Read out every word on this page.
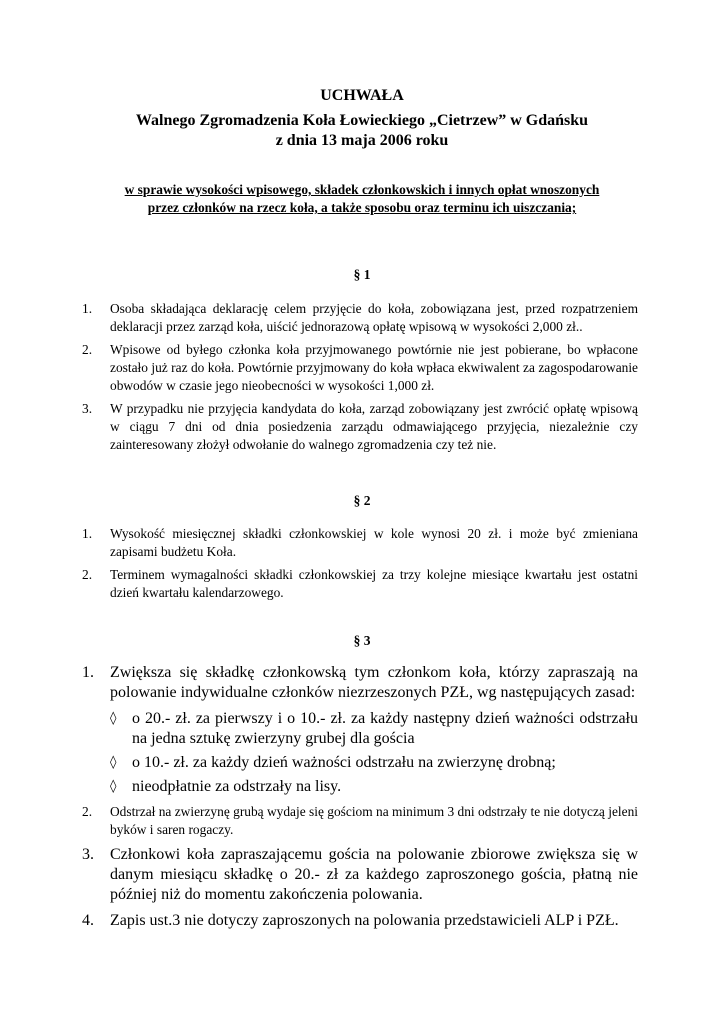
UCHWAŁA
Walnego Zgromadzenia Koła Łowieckiego „Cietrzew” w Gdańsku
z dnia 13 maja 2006 roku
w sprawie wysokości wpisowego, składek członkowskich i innych opłat wnoszonych
przez członków na rzecz koła, a także sposobu oraz terminu ich uiszczania;
§ 1
1. Osoba składająca deklarację celem przyjęcie do koła, zobowiązana jest, przed rozpatrzeniem deklaracji przez zarząd koła, uiścić jednorazową opłatę wpisową w wysokości 2,000 zł..
2. Wpisowe od byłego członka koła przyjmowanego powtórnie nie jest pobierane, bo wpłacone zostało już raz do koła. Powtórnie przyjmowany do koła wpłaca ekwiwalent za zagospodarowanie obwodów w czasie jego nieobecności w wysokości 1,000 zł.
3. W przypadku nie przyjęcia kandydata do koła, zarząd zobowiązany jest zwrócić opłatę wpisową w ciągu 7 dni od dnia posiedzenia zarządu odmawiającego przyjęcia, niezależnie czy zainteresowany złożył odwołanie do walnego zgromadzenia czy też nie.
§ 2
1. Wysokość miesięcznej składki członkowskiej w kole wynosi 20 zł. i może być zmieniana zapisami budżetu Koła.
2. Terminem wymagalności składki członkowskiej za trzy kolejne miesiące kwartału jest ostatni dzień kwartału kalendarzowego.
§ 3
1. Zwiększa się składkę członkowską tym członkom koła, którzy zapraszają na polowanie indywidualne członków niezrzeszonych PZŁ, wg następujących zasad:
◊ o 20.- zł. za pierwszy i o 10.- zł. za każdy następny dzień ważności odstrzału na jedna sztukę zwierzyny grubej dla gościa
◊ o 10.- zł. za każdy dzień ważności odstrzału na zwierzynę drobną;
◊ nieodpłatnie za odstrzały na lisy.
2. Odstrzał na zwierzynę grubą wydaje się gościom na minimum 3 dni odstrzały te nie dotyczą jeleni byków i saren rogaczy.
3. Członkowi koła zapraszającemu gościa na polowanie zbiorowe zwiększa się w danym miesiącu składkę o 20.- zł za każdego zaproszonego gościa, płatną nie później niż do momentu zakończenia polowania.
4. Zapis ust.3 nie dotyczy zaproszonych na polowania przedstawicieli ALP i PZŁ.
